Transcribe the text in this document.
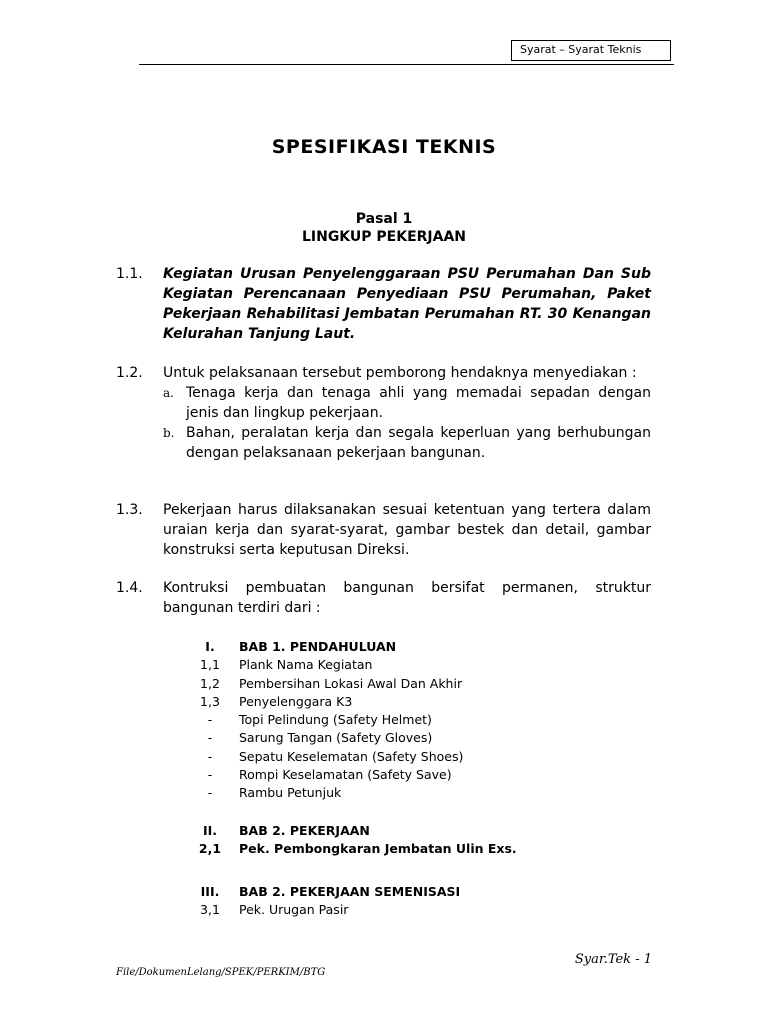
Syarat – Syarat Teknis
SPESIFIKASI TEKNIS
Pasal 1
LINGKUP PEKERJAAN
1.1. Kegiatan Urusan Penyelenggaraan PSU Perumahan Dan Sub Kegiatan Perencanaan Penyediaan PSU Perumahan, Paket Pekerjaan Rehabilitasi Jembatan Perumahan RT. 30 Kenangan Kelurahan Tanjung Laut.
1.2. Untuk pelaksanaan tersebut pemborong hendaknya menyediakan :
a. Tenaga kerja dan tenaga ahli yang memadai sepadan dengan jenis dan lingkup pekerjaan.
b. Bahan, peralatan kerja dan segala keperluan yang berhubungan dengan pelaksanaan pekerjaan bangunan.
1.3. Pekerjaan harus dilaksanakan sesuai ketentuan yang tertera dalam uraian kerja dan syarat-syarat, gambar bestek dan detail, gambar konstruksi serta keputusan Direksi.
1.4. Kontruksi pembuatan bangunan bersifat permanen, struktur bangunan terdiri dari :
I.	BAB 1. PENDAHULUAN
1,1	Plank Nama Kegiatan
1,2	Pembersihan Lokasi Awal Dan Akhir
1,3	Penyelenggara K3
-	Topi Pelindung (Safety Helmet)
-	Sarung Tangan (Safety Gloves)
-	Sepatu Keselematan (Safety Shoes)
-	Rompi Keselamatan (Safety Save)
-	Rambu Petunjuk
II.	BAB 2. PEKERJAAN
2,1	Pek. Pembongkaran Jembatan Ulin Exs.
III.	BAB 2. PEKERJAAN SEMENISASI
3,1	Pek. Urugan Pasir
Syar.Tek - 1
File/DokumenLelang/SPEK/PERKIM/BTG
